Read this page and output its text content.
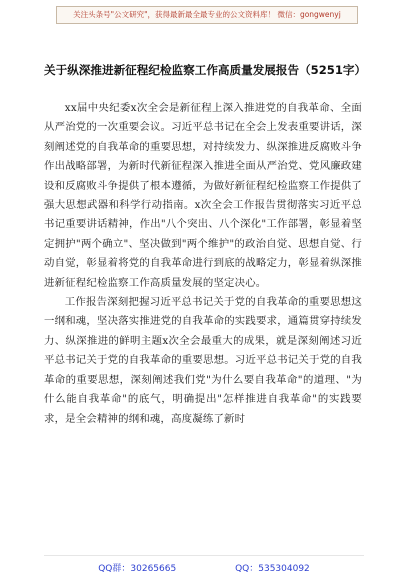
关注头条号"公文研究"，获得最新最全最专业的公文资料库！ 微信：gongwenyj
关于纵深推进新征程纪检监察工作高质量发展报告（5251字）

xx届中央纪委x次全会是新征程上深入推进党的自我革命、全面从严治党的一次重要会议。习近平总书记在全会上发表重要讲话，深刻阐述党的自我革命的重要思想，对持续发力、纵深推进反腐败斗争作出战略部署，为新时代新征程深入推进全面从严治党、党风廉政建设和反腐败斗争提供了根本遵循，为做好新征程纪检监察工作提供了强大思想武器和科学行动指南。x次全会工作报告贯彻落实习近平总书记重要讲话精神，作出"八个突出、八个深化"工作部署，彰显着坚定拥护"两个确立"、坚决做到"两个维护"的政治自觉、思想自觉、行动自觉，彰显着将党的自我革命进行到底的战略定力，彰显着纵深推进新征程纪检监察工作高质量发展的坚定决心。

工作报告深刻把握习近平总书记关于党的自我革命的重要思想这一纲和魂，坚决落实推进党的自我革命的实践要求，通篇贯穿持续发力、纵深推进的鲜明主题x次全会最重大的成果，就是深刻阐述习近平总书记关于党的自我革命的重要思想。习近平总书记关于党的自我革命的重要思想，深刻阐述我们党"为什么要自我革命"的道理、"为什么能自我革命"的底气，明确提出"怎样推进自我革命"的实践要求，是全会精神的纲和魂，高度凝练了新时

QQ群：30265665	QQ：535304092
